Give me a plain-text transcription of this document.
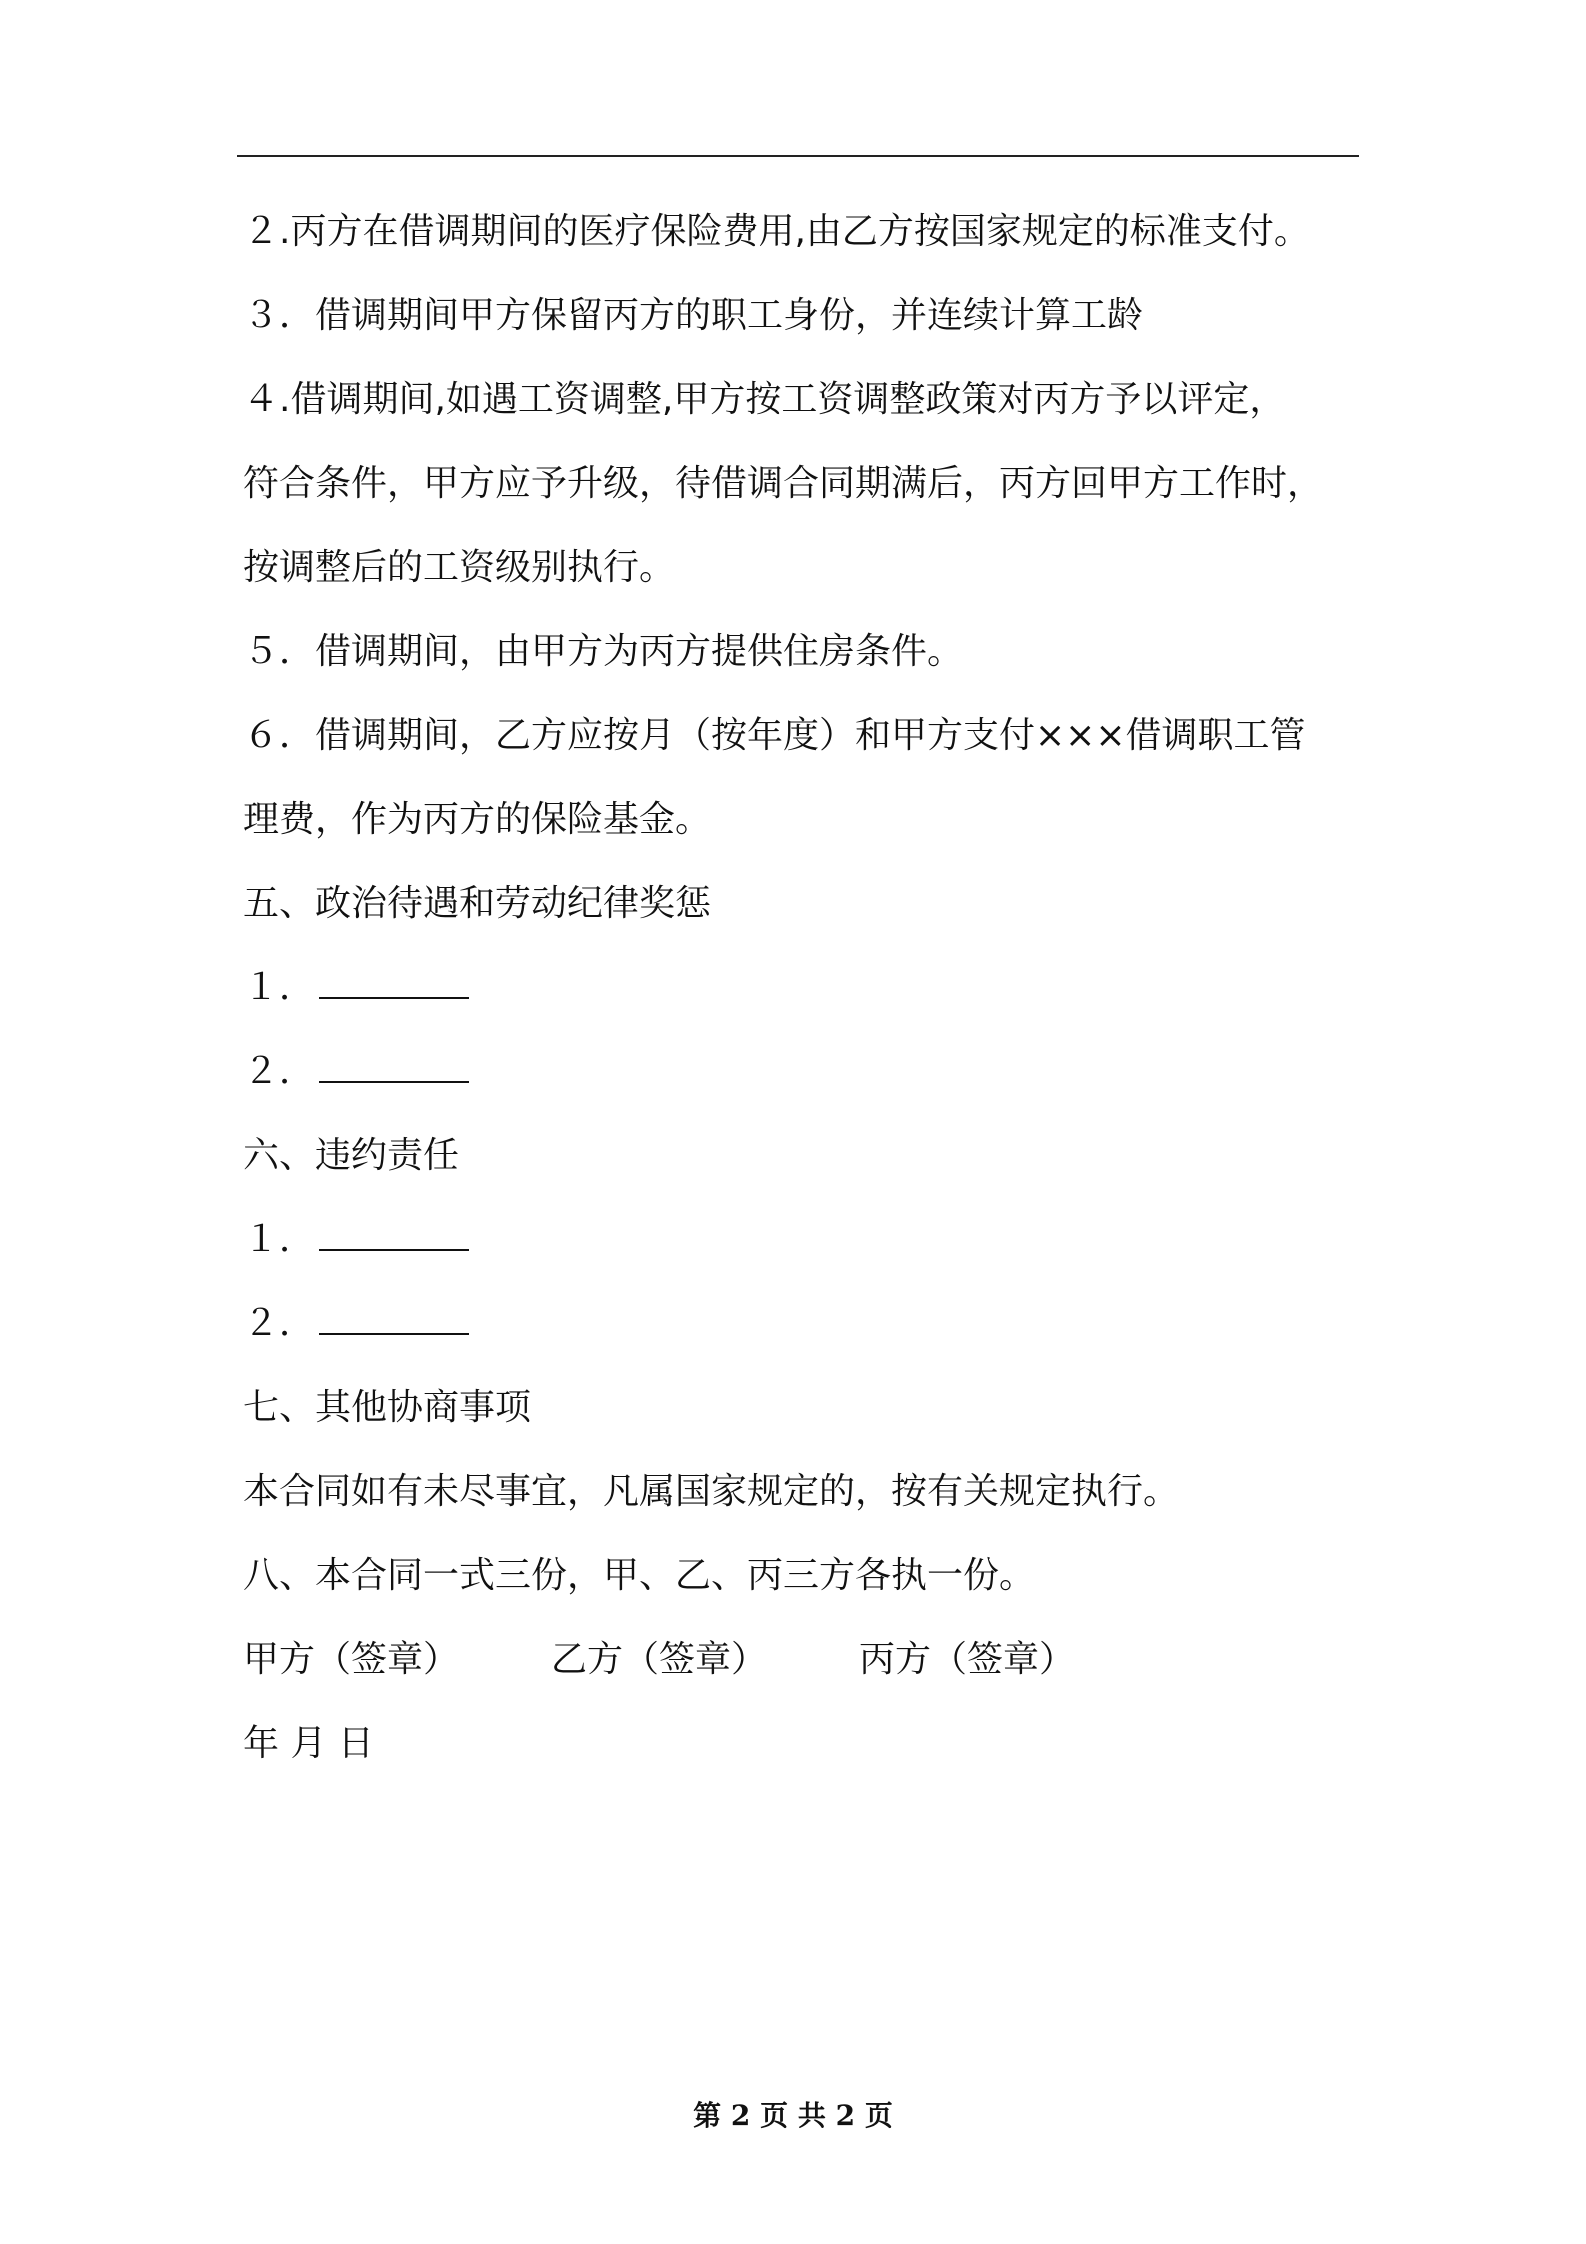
２.丙方在借调期间的医疗保险费用,由乙方按国家规定的标准支付。
３．借调期间甲方保留丙方的职工身份，并连续计算工龄
４.借调期间,如遇工资调整,甲方按工资调整政策对丙方予以评定，
符合条件，甲方应予升级，待借调合同期满后，丙方回甲方工作时，
按调整后的工资级别执行。
５．借调期间，由甲方为丙方提供住房条件。
６．借调期间，乙方应按月（按年度）和甲方支付×××借调职工管
理费，作为丙方的保险基金。
五、政治待遇和劳动纪律奖惩
１．
２．
六、违约责任
１．
２．
七、其他协商事项
本合同如有未尽事宜，凡属国家规定的，按有关规定执行。
八、本合同一式三份，甲、乙、丙三方各执一份。
甲方（签章）	乙方（签章）	丙方（签章）
年 月 日
第 2 页 共 2 页
